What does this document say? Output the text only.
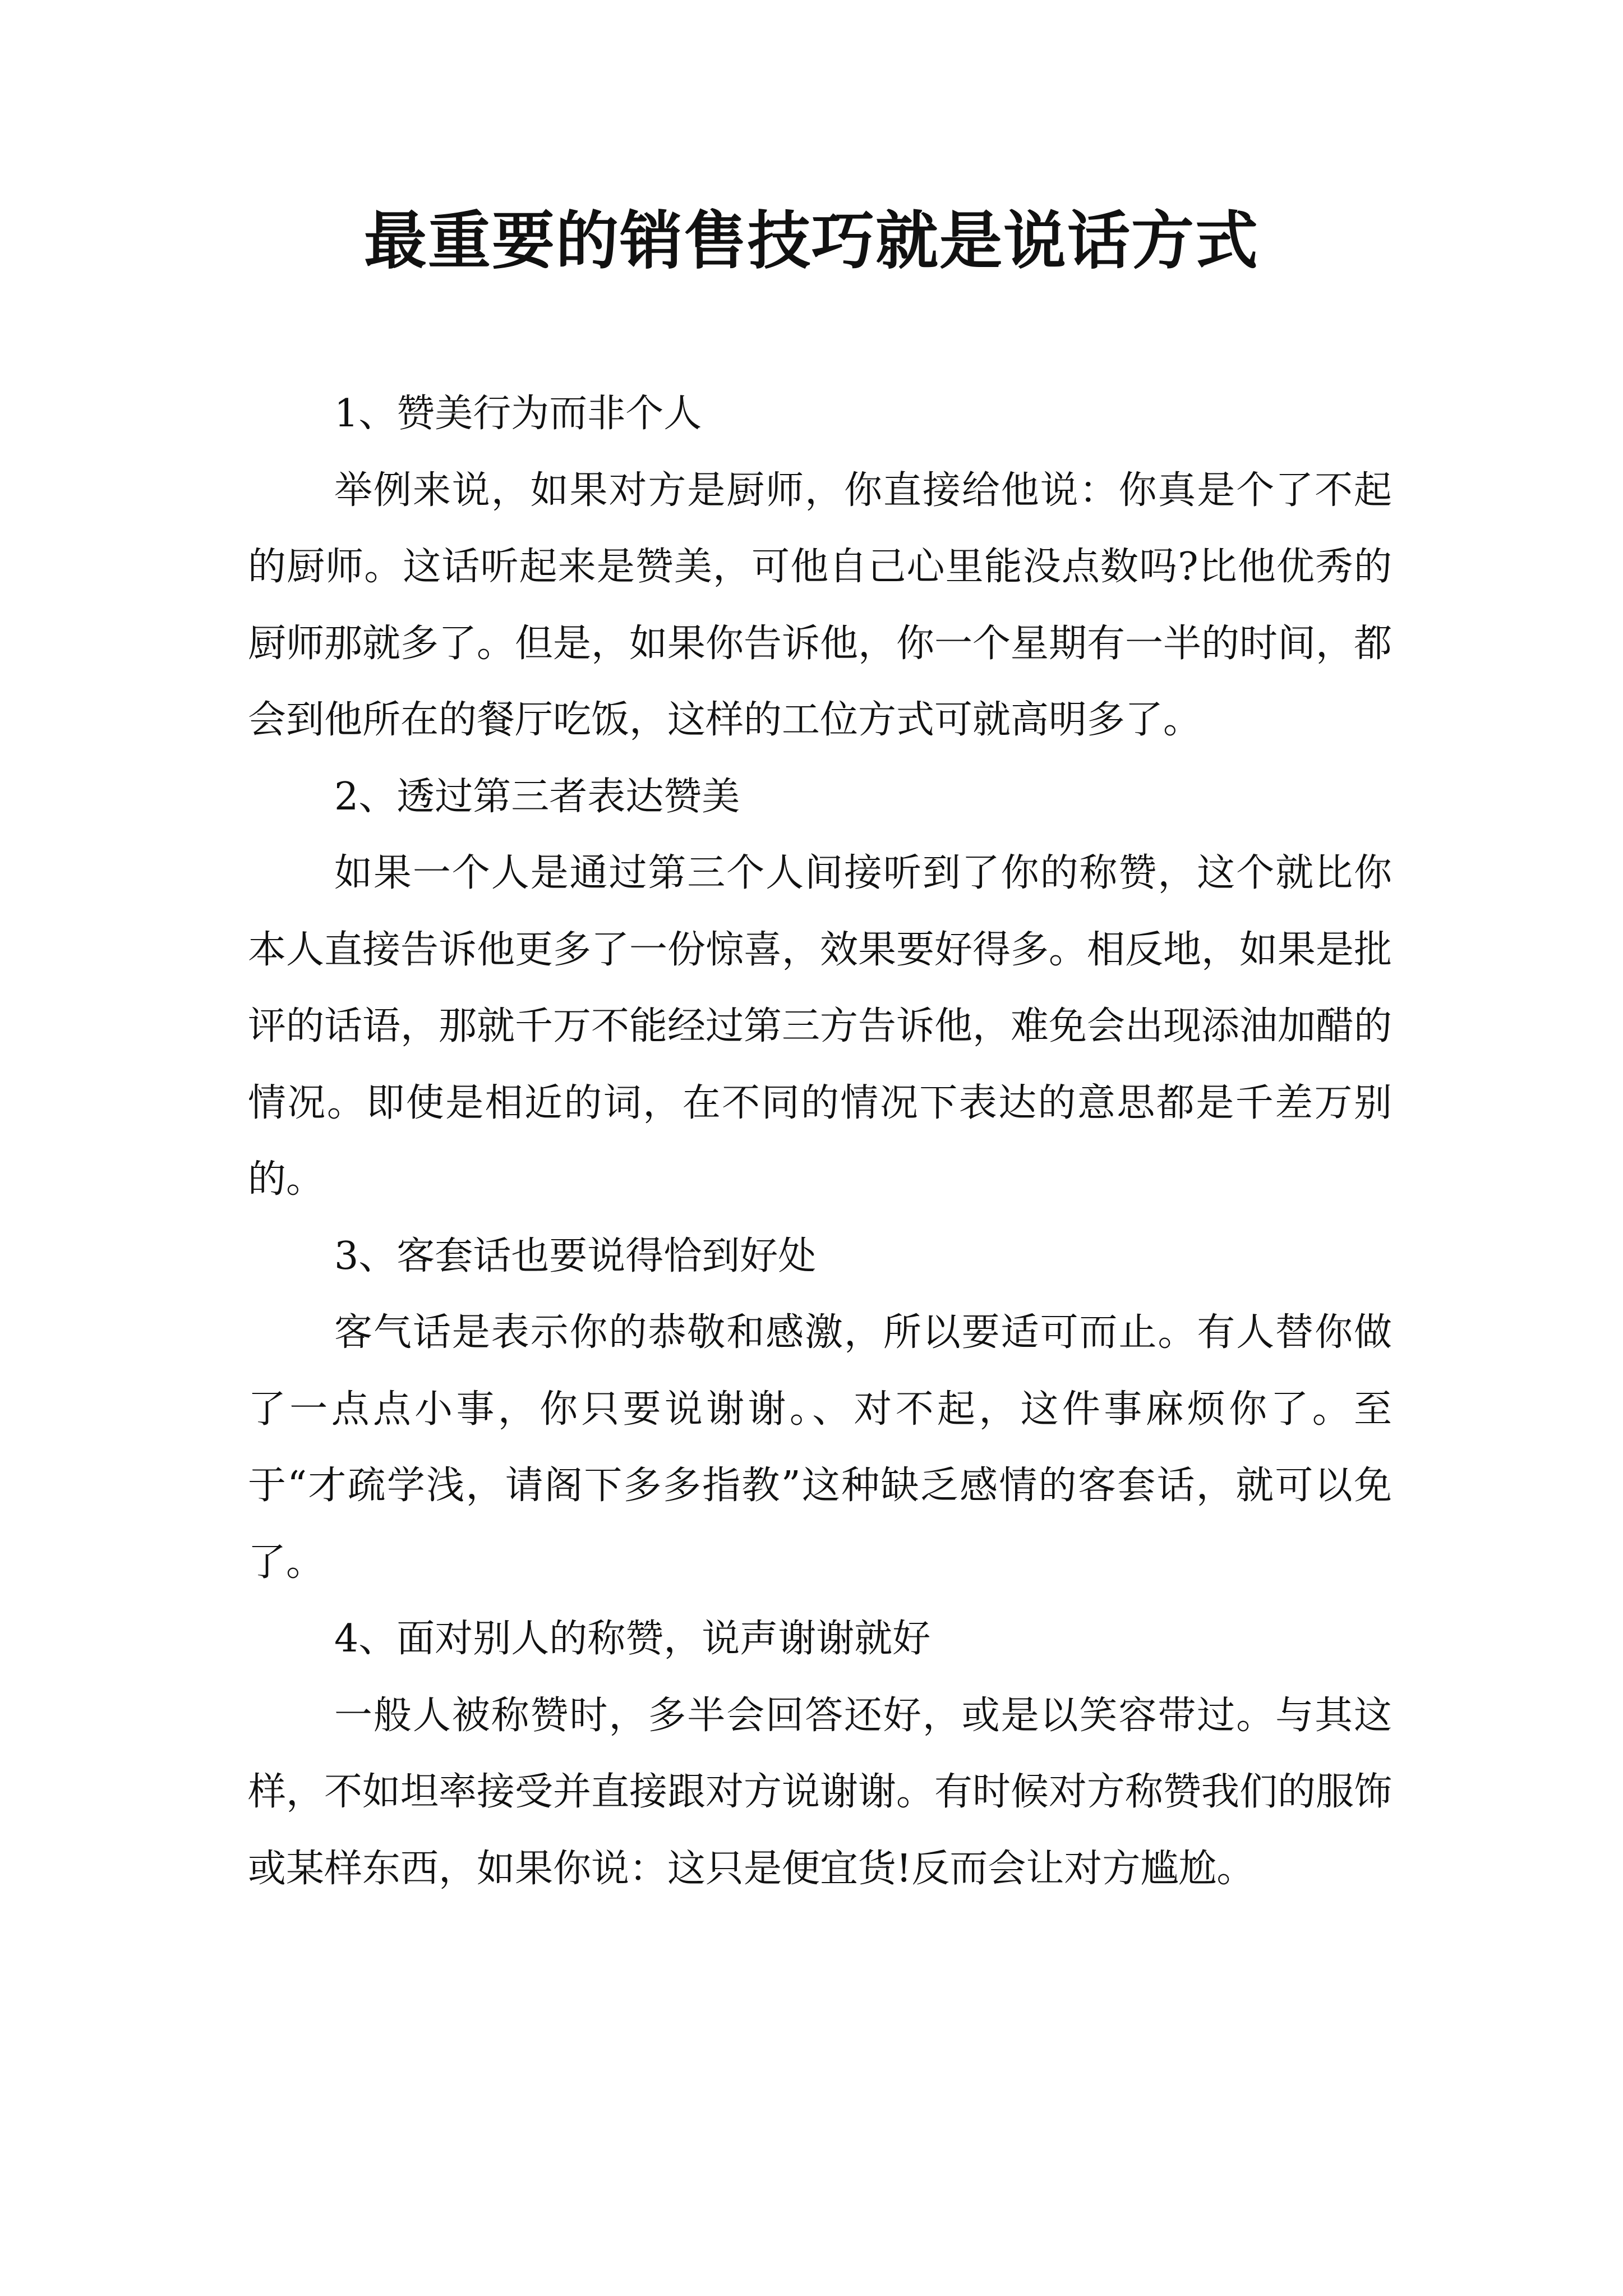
最重要的销售技巧就是说话方式

1、赞美行为而非个人

举例来说，如果对方是厨师，你直接给他说：你真是个了不起的厨师。这话听起来是赞美，可他自己心里能没点数吗?比他优秀的厨师那就多了。但是，如果你告诉他，你一个星期有一半的时间，都会到他所在的餐厅吃饭，这样的工位方式可就高明多了。

2、透过第三者表达赞美

如果一个人是通过第三个人间接听到了你的称赞，这个就比你本人直接告诉他更多了一份惊喜，效果要好得多。相反地，如果是批评的话语，那就千万不能经过第三方告诉他，难免会出现添油加醋的情况。即使是相近的词，在不同的情况下表达的意思都是千差万别的。

3、客套话也要说得恰到好处

客气话是表示你的恭敬和感激，所以要适可而止。有人替你做了一点点小事，你只要说谢谢。、对不起，这件事麻烦你了。至于“才疏学浅，请阁下多多指教”这种缺乏感情的客套话，就可以免了。

4、面对别人的称赞，说声谢谢就好

一般人被称赞时，多半会回答还好，或是以笑容带过。与其这样，不如坦率接受并直接跟对方说谢谢。有时候对方称赞我们的服饰或某样东西，如果你说：这只是便宜货!反而会让对方尴尬。
